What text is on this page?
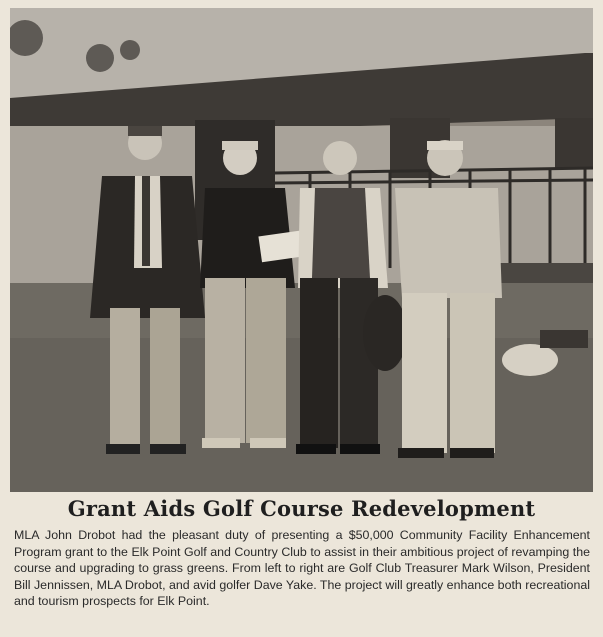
Grant Aids Golf Course Redevelopment
MLA John Drobot had the pleasant duty of presenting a $50,000 Community Facility Enhancement Program grant to the Elk Point Golf and Country Club to assist in their ambitious project of revamping the course and upgrading to grass greens. From left to right are Golf Club Treasurer Mark Wilson, President Bill Jennissen, MLA Drobot, and avid golfer Dave Yake. The project will greatly enhance both recreational and tourism prospects for Elk Point.
